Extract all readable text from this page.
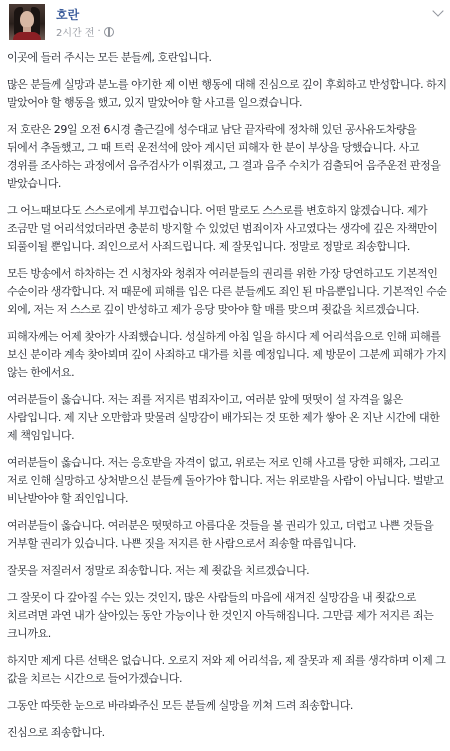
호란
2시간 전 ·

이곳에 들러 주시는 모든 분들께, 호란입니다.

많은 분들께 실망과 분노를 야기한 제 이번 행동에 대해 진심으로 깊이 후회하고 반성합니다. 하지 말았어야 할 행동을 했고, 있지 말았어야 할 사고를 일으켰습니다.

저 호란은 29일 오전 6시경 출근길에 성수대교 남단 끝자락에 정차해 있던 공사유도차량을 뒤에서 추돌했고, 그 때 트럭 운전석에 앉아 계시던 피해자 한 분이 부상을 당했습니다. 사고 경위를 조사하는 과정에서 음주검사가 이뤄졌고, 그 결과 음주 수치가 검출되어 음주운전 판정을 받았습니다.

그 어느때보다도 스스로에게 부끄럽습니다. 어떤 말로도 스스로를 변호하지 않겠습니다. 제가 조금만 덜 어리석었더라면 충분히 방지할 수 있었던 범죄이자 사고였다는 생각에 깊은 자책만이 되풀이될 뿐입니다. 죄인으로서 사죄드립니다. 제 잘못입니다. 정말로 정말로 죄송합니다.

모든 방송에서 하차하는 건 시청자와 청취자 여러분들의 권리를 위한 가장 당연하고도 기본적인 수순이라 생각합니다. 저 때문에 피해를 입은 다른 분들께도 죄인 된 마음뿐입니다. 기본적인 수순 외에, 저는 저 스스로 깊이 반성하고 제가 응당 맞아야 할 매를 맞으며 죗값을 치르겠습니다.

피해자께는 어제 찾아가 사죄했습니다. 성실하게 아침 일을 하시다 제 어리석음으로 인해 피해를 보신 분이라 계속 찾아뵈며 깊이 사죄하고 대가를 치를 예정입니다. 제 방문이 그분께 피해가 가지 않는 한에서요.

여러분들이 옳습니다. 저는 죄를 저지른 범죄자이고, 여러분 앞에 떳떳이 설 자격을 잃은 사람입니다. 제 지난 오만함과 맞물려 실망감이 배가되는 것 또한 제가 쌓아 온 지난 시간에 대한 제 책임입니다.

여러분들이 옳습니다. 저는 응호받을 자격이 없고, 위로는 저로 인해 사고를 당한 피해자, 그리고 저로 인해 실망하고 상처받으신 분들께 돌아가야 합니다. 저는 위로받을 사람이 아닙니다. 벌받고 비난받아야 할 죄인입니다.

여러분들이 옳습니다. 여러분은 떳떳하고 아름다운 것들을 볼 권리가 있고, 더럽고 나쁜 것들을 거부할 권리가 있습니다. 나쁜 짓을 저지른 한 사람으로서 죄송할 따름입니다.

잘못을 저질러서 정말로 죄송합니다. 저는 제 죗값을 치르겠습니다.

그 잘못이 다 갚아질 수는 있는 것인지, 많은 사람들의 마음에 새겨진 실망감을 내 죗값으로 치르려면 과연 내가 살아있는 동안 가능이나 한 것인지 아득해집니다. 그만큼 제가 저지른 죄는 크니까요.

하지만 제게 다른 선택은 없습니다. 오로지 저와 제 어리석음, 제 잘못과 제 죄를 생각하며 이제 그 값을 치르는 시간으로 들어가겠습니다.

그동안 따뜻한 눈으로 바라봐주신 모든 분들께 실망을 끼쳐 드려 죄송합니다.

진심으로 죄송합니다.
